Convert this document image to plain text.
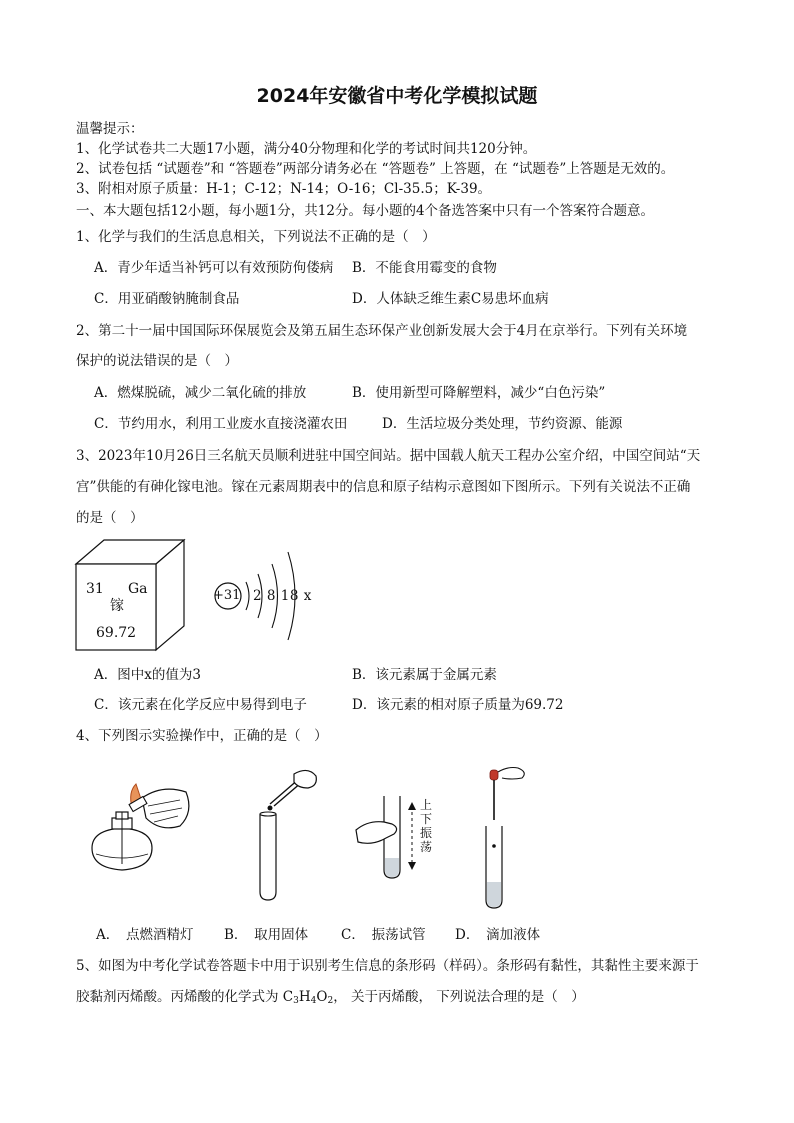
2024年安徽省中考化学模拟试题
温馨提示：
1、化学试卷共二大题17小题，满分40分物理和化学的考试时间共120分钟。
2、试卷包括 “试题卷”和 “答题卷”两部分请务必在 “答题卷” 上答题，在 “试题卷”上答题是无效的。
3、附相对原子质量：H-1；C-12；N-14；O-16；Cl-35.5；K-39。
一、本大题包括12小题，每小题1分，共12分。每小题的4个备选答案中只有一个答案符合题意。
1、化学与我们的生活息息相关，下列说法不正确的是（　）
A．青少年适当补钙可以有效预防佝偻病 B．不能食用霉变的食物
C．用亚硝酸钠腌制食品	D．人体缺乏维生素C易患坏血病
2、第二十一届中国国际环保展览会及第五届生态环保产业创新发展大会于4月在京举行。下列有关环境
保护的说法错误的是（　）
A．燃煤脱硫，减少二氧化硫的排放	B．使用新型可降解塑料，减少“白色污染”
C．节约用水，利用工业废水直接浇灌农田	D．生活垃圾分类处理，节约资源、能源
3、2023年10月26日三名航天员顺利进驻中国空间站。据中国载人航天工程办公室介绍，中国空间站“天
宫”供能的有砷化镓电池。镓在元素周期表中的信息和原子结构示意图如下图所示。下列有关说法不正确
的是（　）
31 Ga
镓
69.72
+31 2 8 18 x
A．图中x的值为3	B．该元素属于金属元素
C．该元素在化学反应中易得到电子	D．该元素的相对原子质量为69.72
4、下列图示实验操作中，正确的是（　）
上下振荡
A．　点燃酒精灯 B．　取用固体 C．　振荡试管 D．　滴加液体
5、如图为中考化学试卷答题卡中用于识别考生信息的条形码（样码）。条形码有黏性，其黏性主要来源于
胶黏剂丙烯酸。丙烯酸的化学式为 $C_3H_4O_2$， 关于丙烯酸， 下列说法合理的是（　）
